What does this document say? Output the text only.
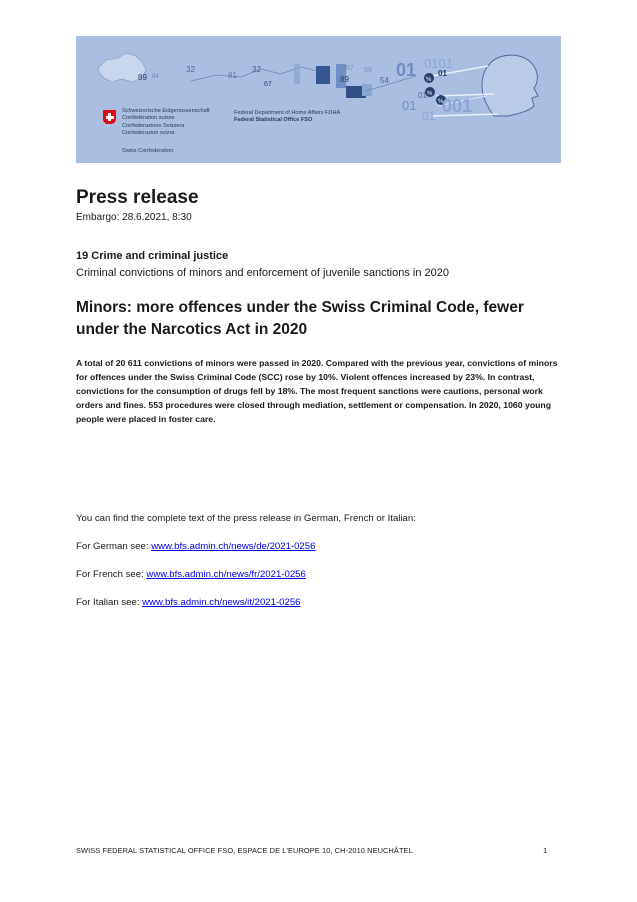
%
%
%
89 54
32
81
32
67
89
67 59
54
01 0101
01
01
01 001
01
Schweizerische Eidgenossenschaft
Confédération suisse
Confederazione Svizzera
Confederaziun svizra
Swiss Confederation
Federal Department of Home Affairs FDHA
Federal Statistical Office FSO
Press release
Embargo: 28.6.2021, 8:30
19 Crime and criminal justice
Criminal convictions of minors and enforcement of juvenile sanctions in 2020
Minors: more offences under the Swiss Criminal Code, fewer under the Narcotics Act in 2020

A total of 20 611 convictions of minors were passed in 2020. Compared with the previous year, convictions of minors for offences under the Swiss Criminal Code (SCC) rose by 10%. Violent offences increased by 23%. In contrast, convictions for the consumption of drugs fell by 18%. The most frequent sanctions were cautions, personal work orders and fines. 553 procedures were closed through mediation, settlement or compensation. In 2020, 1060 young people were placed in foster care.

You can find the complete text of the press release in German, French or Italian:
For German see: www.bfs.admin.ch/news/de/2021-0256
For French see: www.bfs.admin.ch/news/fr/2021-0256
For Italian see: www.bfs.admin.ch/news/it/2021-0256
SWISS FEDERAL STATISTICAL OFFICE FSO, ESPACE DE L'EUROPE 10, CH-2010 NEUCHÂTEL	1
